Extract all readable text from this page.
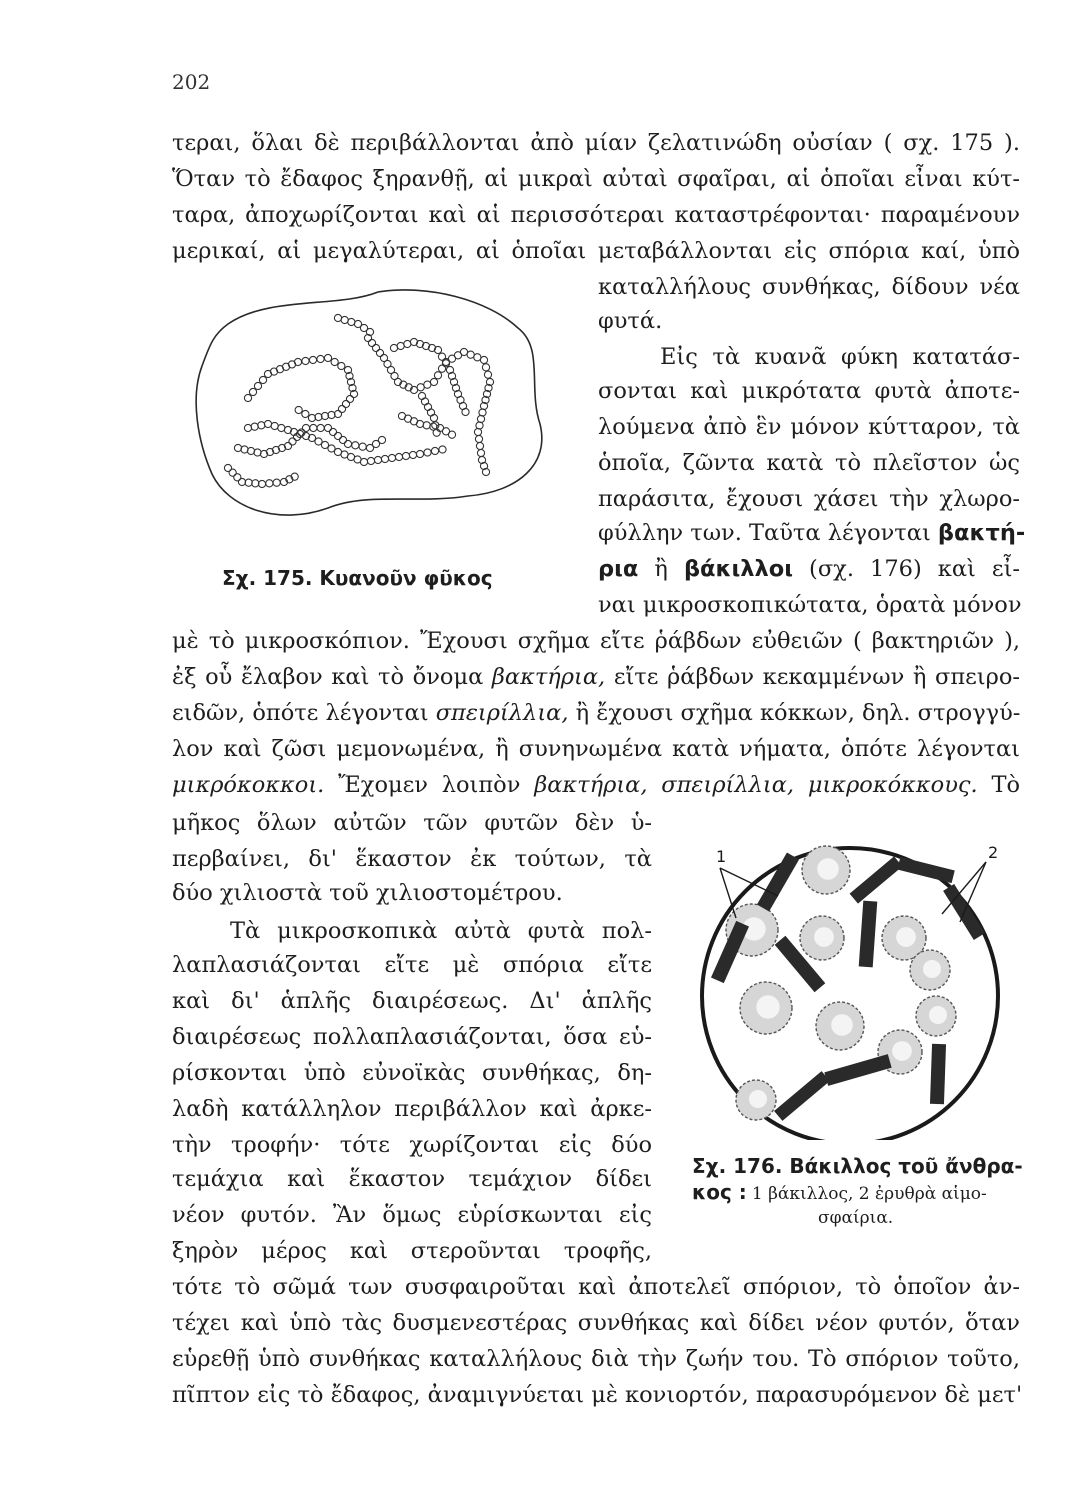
202
τεραι, ὅλαι δὲ περιβάλλονται ἀπὸ μίαν ζελατινώδη οὐσίαν ( σχ. 175 ).
Ὅταν τὸ ἔδαφος ξηρανθῇ, αἱ μικραὶ αὐταὶ σφαῖραι, αἱ ὁποῖαι εἶναι κύτ-
ταρα, ἀποχωρίζονται καὶ αἱ περισσότεραι καταστρέφονται· παραμένουν
μερικαί, αἱ μεγαλύτεραι, αἱ ὁποῖαι μεταβάλλονται εἰς σπόρια καί, ὑπὸ
καταλλήλους συνθήκας, δίδουν νέα
φυτά.
Εἰς τὰ κυανᾶ φύκη κατατάσ-
σονται καὶ μικρότατα φυτὰ ἀποτε-
λούμενα ἀπὸ ἓν μόνον κύτταρον, τὰ
ὁποῖα, ζῶντα κατὰ τὸ πλεῖστον ὡς
παράσιτα, ἔχουσι χάσει τὴν χλωρο-
φύλλην των. Ταῦτα λέγονται βακτή-
ρια ἢ βάκιλλοι (σχ. 176) καὶ εἶ-
ναι μικροσκοπικώτατα, ὁρατὰ μόνον
μὲ τὸ μικροσκόπιον. Ἔχουσι σχῆμα εἴτε ῥάβδων εὐθειῶν ( βακτηριῶν ),
ἐξ οὗ ἔλαβον καὶ τὸ ὄνομα βακτήρια, εἴτε ῥάβδων κεκαμμένων ἢ σπειρο-
ειδῶν, ὁπότε λέγονται σπειρίλλια, ἢ ἔχουσι σχῆμα κόκκων, δηλ. στρογγύ-
λον καὶ ζῶσι μεμονωμένα, ἢ συνηνωμένα κατὰ νήματα, ὁπότε λέγονται
μικρόκοκκοι. Ἔχομεν λοιπὸν βακτήρια, σπειρίλλια, μικροκόκκους. Τὸ
μῆκος ὅλων αὐτῶν τῶν φυτῶν δὲν ὑ-
περβαίνει, δι' ἕκαστον ἐκ τούτων, τὰ
δύο χιλιοστὰ τοῦ χιλιοστομέτρου.
Τὰ μικροσκοπικὰ αὐτὰ φυτὰ πολ-
λαπλασιάζονται εἴτε μὲ σπόρια εἴτε
καὶ δι' ἁπλῆς διαιρέσεως. Δι' ἁπλῆς
διαιρέσεως πολλαπλασιάζονται, ὅσα εὑ-
ρίσκονται ὑπὸ εὐνοϊκὰς συνθήκας, δη-
λαδὴ κατάλληλον περιβάλλον καὶ ἀρκε-
τὴν τροφήν· τότε χωρίζονται εἰς δύο
τεμάχια καὶ ἕκαστον τεμάχιον δίδει
νέον φυτόν. Ἂν ὅμως εὑρίσκωνται εἰς
ξηρὸν μέρος καὶ στεροῦνται τροφῆς,
τότε τὸ σῶμά των συσφαιροῦται καὶ ἀποτελεῖ σπόριον, τὸ ὁποῖον ἀν-
τέχει καὶ ὑπὸ τὰς δυσμενεστέρας συνθήκας καὶ δίδει νέον φυτόν, ὅταν
εὑρεθῇ ὑπὸ συνθήκας καταλλήλους διὰ τὴν ζωήν του. Τὸ σπόριον τοῦτο,
πῖπτον εἰς τὸ ἔδαφος, ἀναμιγνύεται μὲ κονιορτόν, παρασυρόμενον δὲ μετ'
Σχ. 175. Κυανοῦν φῦκος
1	2
Σχ. 176. Βάκιλλος τοῦ ἄνθρα-
κος : 1 βάκιλλος, 2 ἐρυθρὰ αἱμο-
σφαίρια.
